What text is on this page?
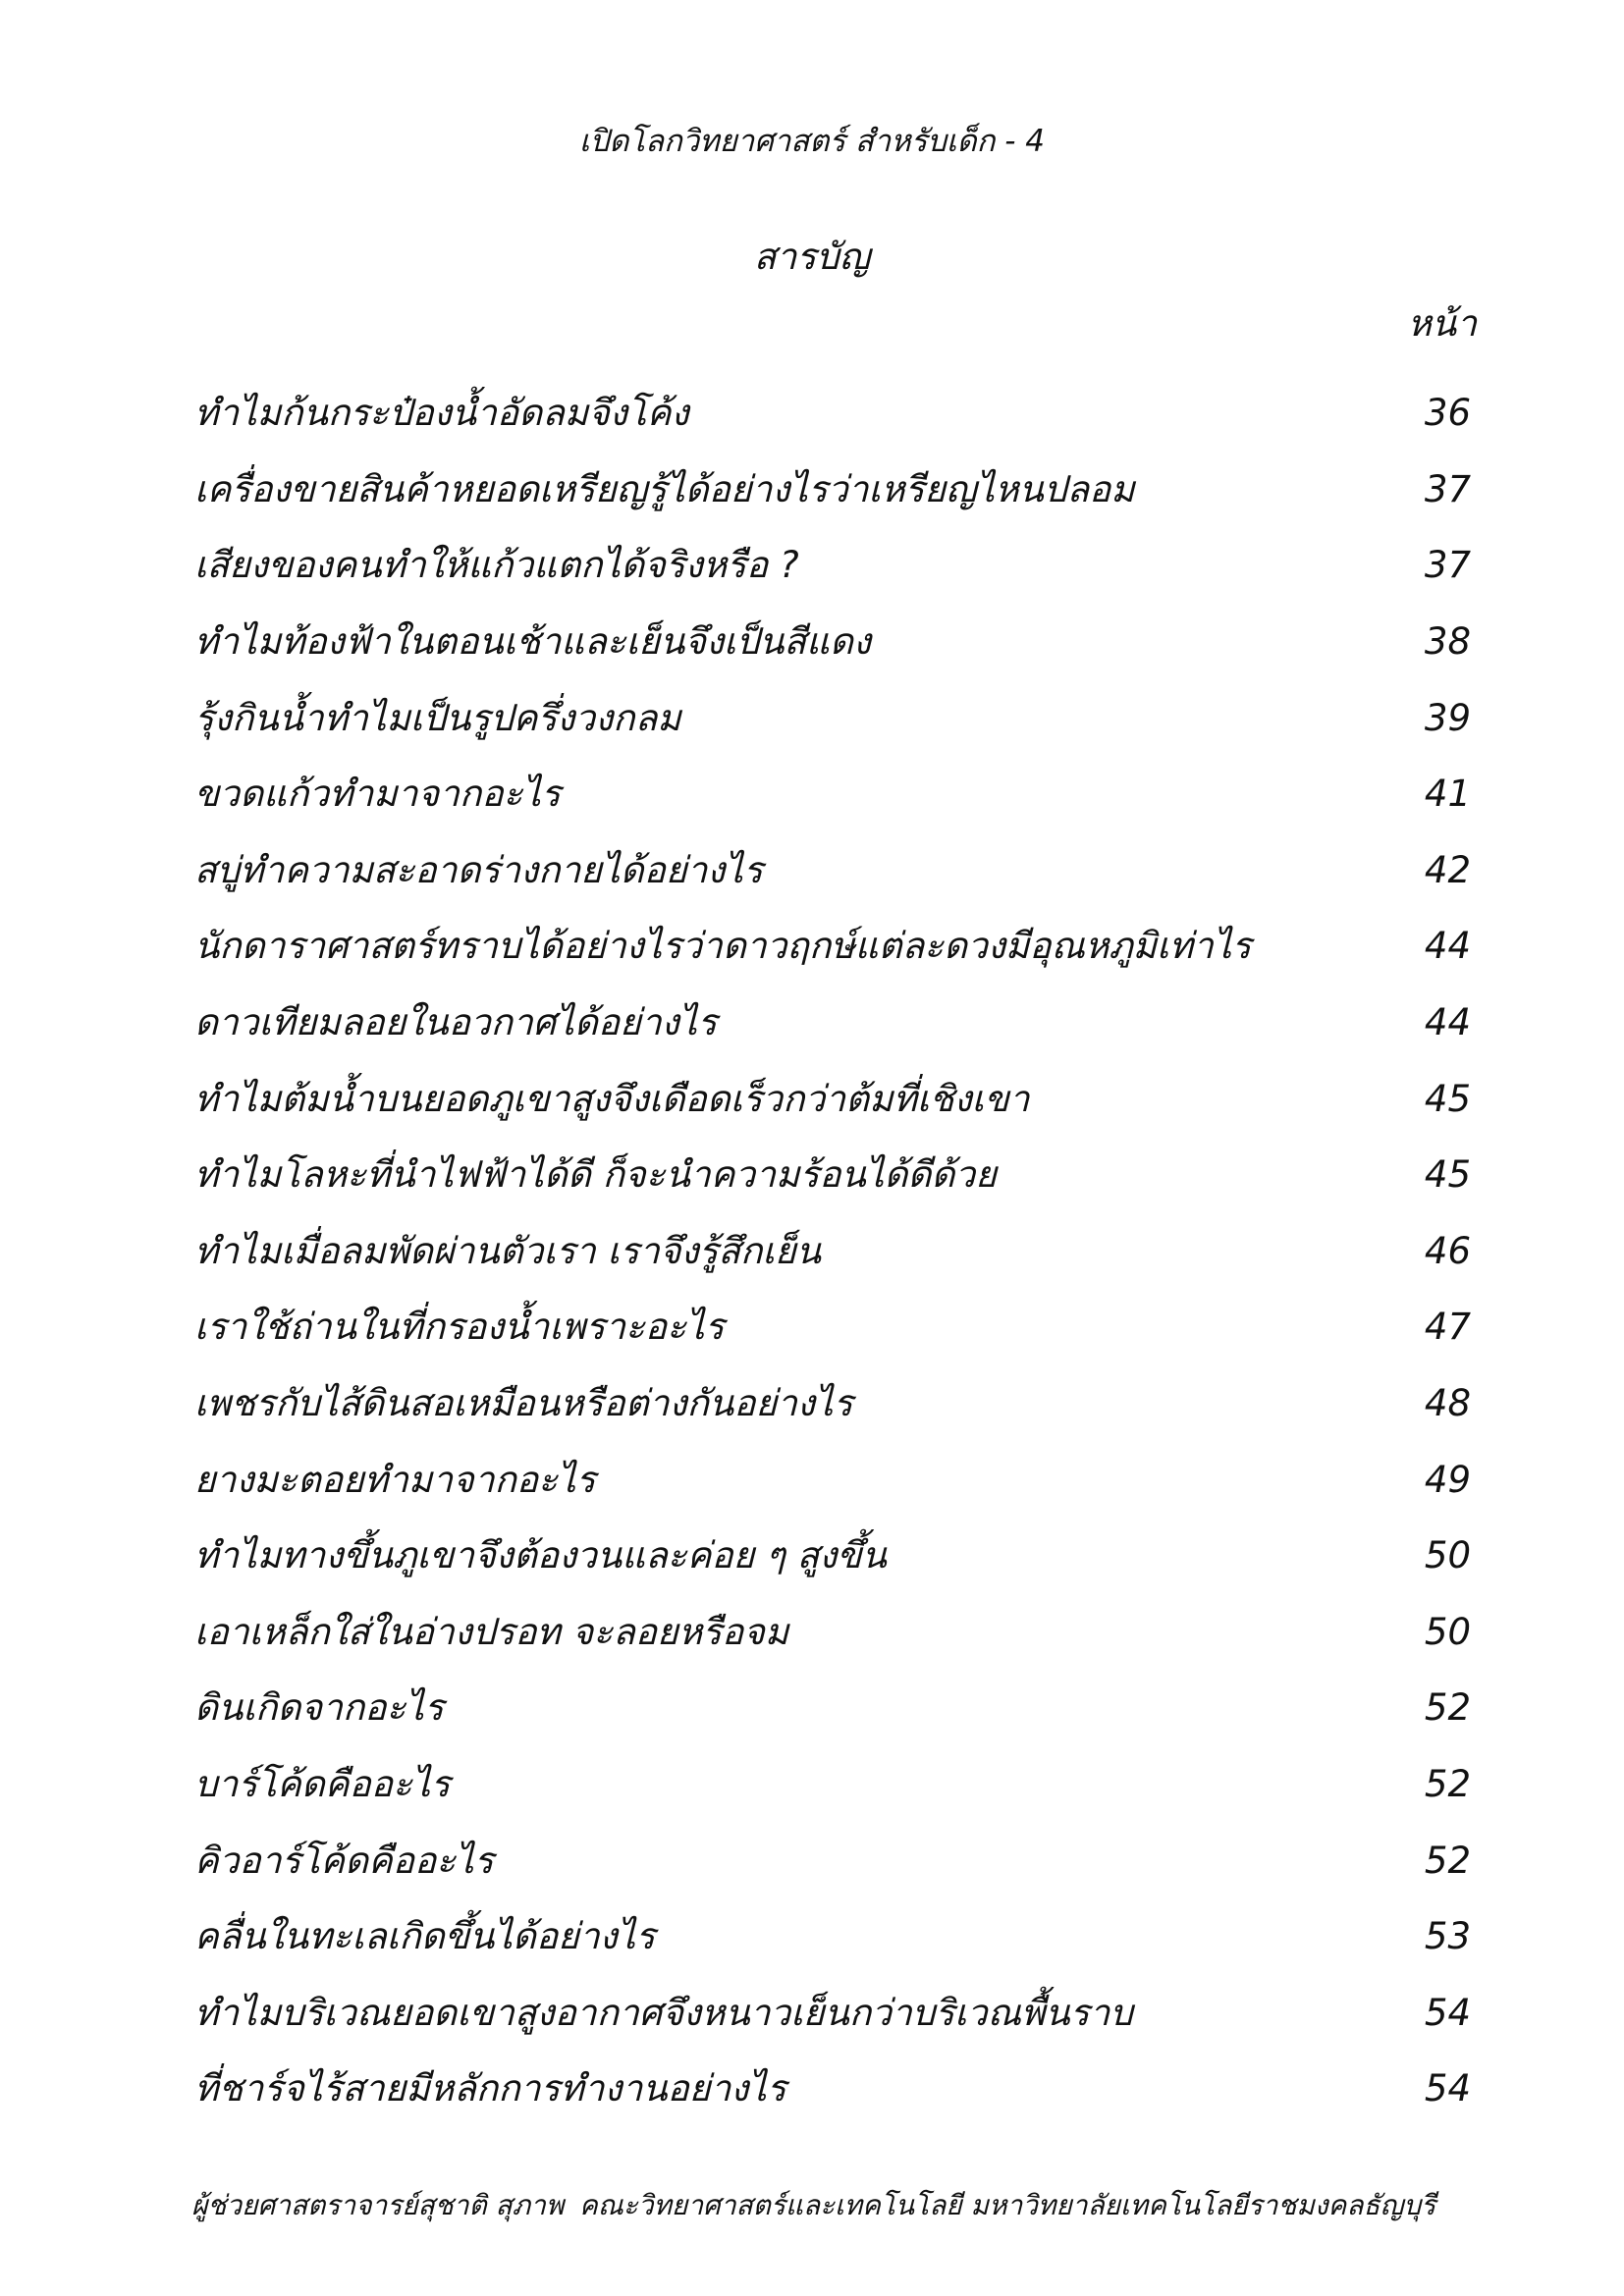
เปิดโลกวิทยาศาสตร์ สำหรับเด็ก - 4
สารบัญ
หน้า
ทำไมก้นกระป๋องน้ำอัดลมจึงโค้ง	36
เครื่องขายสินค้าหยอดเหรียญรู้ได้อย่างไรว่าเหรียญไหนปลอม	37
เสียงของคนทำให้แก้วแตกได้จริงหรือ ?	37
ทำไมท้องฟ้าในตอนเช้าและเย็นจึงเป็นสีแดง	38
รุ้งกินน้ำทำไมเป็นรูปครึ่งวงกลม	39
ขวดแก้วทำมาจากอะไร	41
สบู่ทำความสะอาดร่างกายได้อย่างไร	42
นักดาราศาสตร์ทราบได้อย่างไรว่าดาวฤกษ์แต่ละดวงมีอุณหภูมิเท่าไร	44
ดาวเทียมลอยในอวกาศได้อย่างไร	44
ทำไมต้มน้ำบนยอดภูเขาสูงจึงเดือดเร็วกว่าต้มที่เชิงเขา	45
ทำไมโลหะที่นำไฟฟ้าได้ดี ก็จะนำความร้อนได้ดีด้วย	45
ทำไมเมื่อลมพัดผ่านตัวเรา เราจึงรู้สึกเย็น	46
เราใช้ถ่านในที่กรองน้ำเพราะอะไร	47
เพชรกับไส้ดินสอเหมือนหรือต่างกันอย่างไร	48
ยางมะตอยทำมาจากอะไร	49
ทำไมทางขึ้นภูเขาจึงต้องวนและค่อย ๆ สูงขึ้น	50
เอาเหล็กใส่ในอ่างปรอท จะลอยหรือจม	50
ดินเกิดจากอะไร	52
บาร์โค้ดคืออะไร	52
คิวอาร์โค้ดคืออะไร	52
คลื่นในทะเลเกิดขึ้นได้อย่างไร	53
ทำไมบริเวณยอดเขาสูงอากาศจึงหนาวเย็นกว่าบริเวณพื้นราบ	54
ที่ชาร์จไร้สายมีหลักการทำงานอย่างไร	54
ผู้ช่วยศาสตราจารย์สุชาติ สุภาพ คณะวิทยาศาสตร์และเทคโนโลยี มหาวิทยาลัยเทคโนโลยีราชมงคลธัญบุรี
